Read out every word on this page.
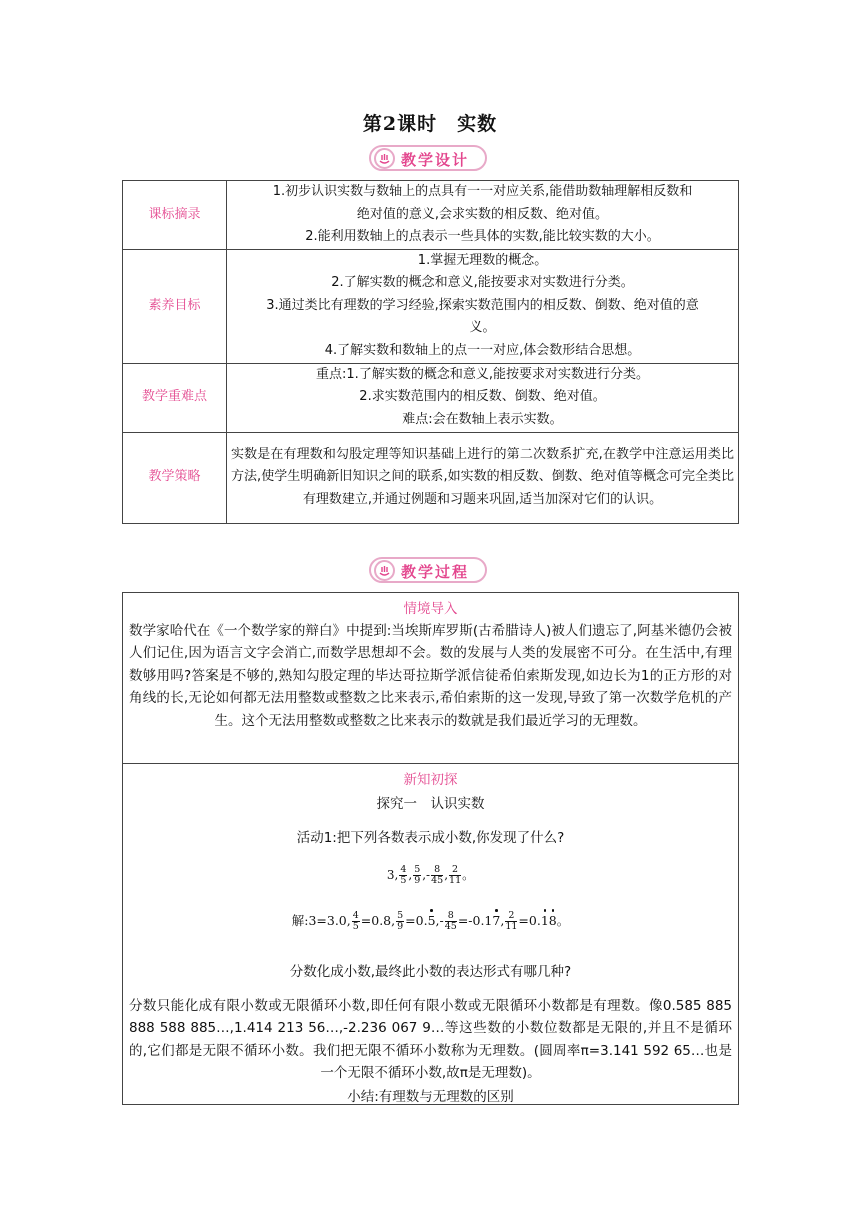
第2课时　实数
教学设计
课标摘录	1.初步认识实数与数轴上的点具有一一对应关系,能借助数轴理解相反数和
绝对值的意义,会求实数的相反数、绝对值。
2.能利用数轴上的点表示一些具体的实数,能比较实数的大小。

素养目标	1.掌握无理数的概念。
2.了解实数的概念和意义,能按要求对实数进行分类。
3.通过类比有理数的学习经验,探索实数范围内的相反数、倒数、绝对值的意
义。
4.了解实数和数轴上的点一一对应,体会数形结合思想。

教学重难点	重点:1.了解实数的概念和意义,能按要求对实数进行分类。
2.求实数范围内的相反数、倒数、绝对值。
难点:会在数轴上表示实数。

教学策略	实数是在有理数和勾股定理等知识基础上进行的第二次数系扩充,在教学中注意运用类比方法,使学生明确新旧知识之间的联系,如实数的相反数、倒数、绝对值等概念可完全类比有理数建立,并通过例题和习题来巩固,适当加深对它们的认识。
教学过程
情境导入
数学家哈代在《一个数学家的辩白》中提到:当埃斯库罗斯(古希腊诗人)被人们遗忘了,阿基米德仍会被人们记住,因为语言文字会消亡,而数学思想却不会。数的发展与人类的发展密不可分。在生活中,有理数够用吗?答案是不够的,熟知勾股定理的毕达哥拉斯学派信徒希伯索斯发现,如边长为1的正方形的对角线的长,无论如何都无法用整数或整数之比来表示,希伯索斯的这一发现,导致了第一次数学危机的产生。这个无法用整数或整数之比来表示的数就是我们最近学习的无理数。
新知初探
探究一　认识实数
活动1:把下列各数表示成小数,你发现了什么?
3, $\frac{4}{5}$ , $\frac{5}{9}$ ,- $\frac{8}{45}$ , $\frac{2}{11}$ 。
解:3=3.0, $\frac{4}{5} =0.8$, $\frac{5}{9} =0.5,- \frac{8}{45} =-0.17$, $\frac{2}{11} =0.18$。
分数化成小数,最终此小数的表达形式有哪几种?
分数只能化成有限小数或无限循环小数,即任何有限小数或无限循环小数都是有理数。像0.585 885 888 588 885…,1.414 213 56…,-2.236 067 9…等这些数的小数位数都是无限的,并且不是循环的,它们都是无限不循环小数。我们把无限不循环小数称为无理数。(圆周率π=3.141 592 65…也是一个无限不循环小数,故π是无理数)。
小结:有理数与无理数的区别
